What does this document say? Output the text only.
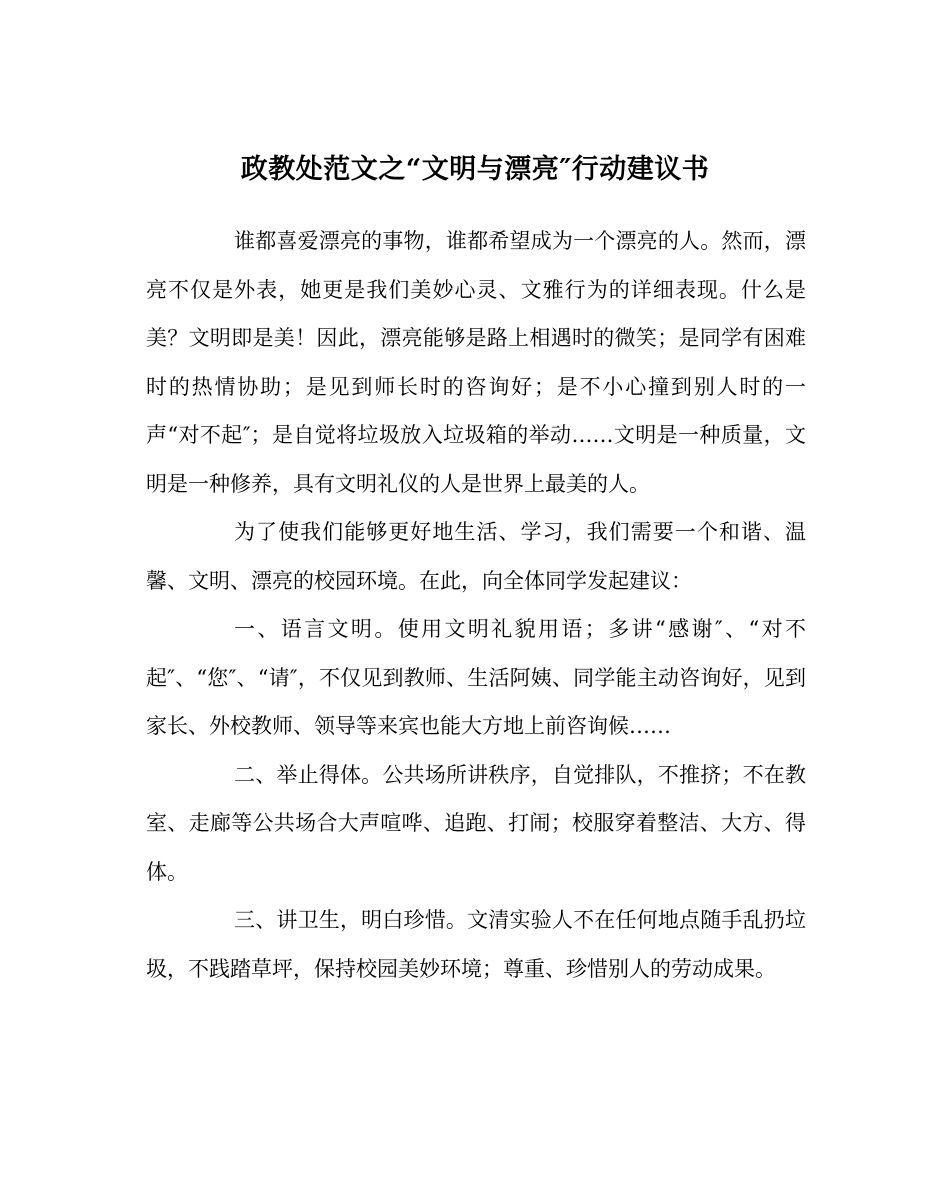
政教处范文之“文明与漂亮″行动建议书

谁都喜爱漂亮的事物，谁都希望成为一个漂亮的人。然而，漂亮不仅是外表，她更是我们美妙心灵、文雅行为的详细表现。什么是美？文明即是美！因此，漂亮能够是路上相遇时的微笑；是同学有困难时的热情协助；是见到师长时的咨询好；是不小心撞到别人时的一声“对不起″；是自觉将垃圾放入垃圾箱的举动……文明是一种质量，文明是一种修养，具有文明礼仪的人是世界上最美的人。

为了使我们能够更好地生活、学习，我们需要一个和谐、温馨、文明、漂亮的校园环境。在此，向全体同学发起建议：

一、语言文明。使用文明礼貌用语；多讲“感谢″、“对不起″、“您″、“请″，不仅见到教师、生活阿姨、同学能主动咨询好，见到家长、外校教师、领导等来宾也能大方地上前咨询候……

二、举止得体。公共场所讲秩序，自觉排队，不推挤；不在教室、走廊等公共场合大声喧哗、追跑、打闹；校服穿着整洁、大方、得体。

三、讲卫生，明白珍惜。文清实验人不在任何地点随手乱扔垃圾，不践踏草坪，保持校园美妙环境；尊重、珍惜别人的劳动成果。
